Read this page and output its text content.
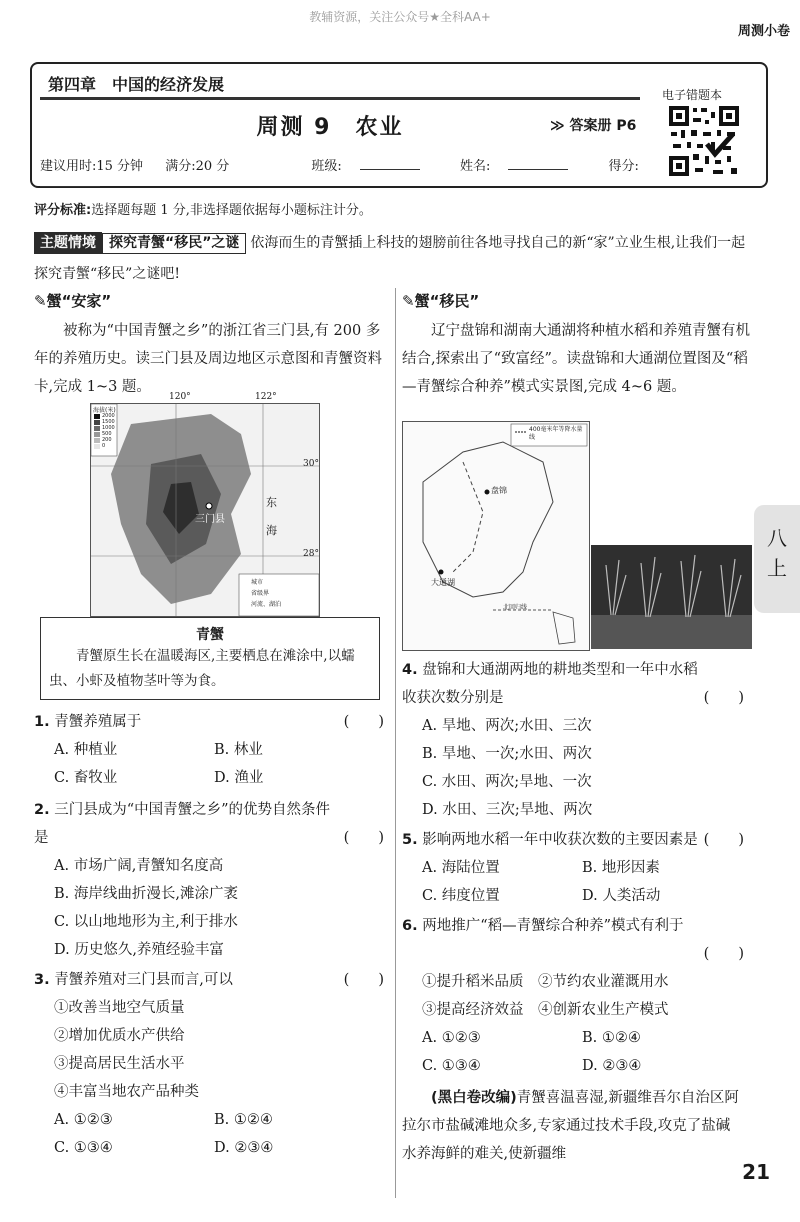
教辅资源，关注公众号★全科AA+
周测小卷
第四章　中国的经济发展
周测 9　农业	≫ 答案册 P6
建议用时:15 分钟 满分:20 分	班级:	姓名:	得分:
电子错题本
八
上
评分标准:选择题每题 1 分,非选择题依据每小题标注计分。
主题情境 探究青蟹“移民”之谜 依海而生的青蟹插上科技的翅膀前往各地寻找自己的新“家”立业生根,让我们一起探究青蟹“移民”之谜吧!
✎蟹“安家”
被称为“中国青蟹之乡”的浙江省三门县,有 200 多年的养殖历史。读三门县及周边地区示意图和青蟹资料卡,完成 1~3 题。
海拔(米)
2000
1500
1000
500
200
0
120°	122°
30°
28°
三门县
东
海
城市
省级界
河流、湖泊
青蟹
青蟹原生长在温暖海区,主要栖息在滩涂中,以蠕虫、小虾及植物茎叶等为食。
1. 青蟹养殖属于	(　　)
A. 种植业	B. 林业
C. 畜牧业	D. 渔业
2. 三门县成为“中国青蟹之乡”的优势自然条件是	(　　)
A. 市场广阔,青蟹知名度高
B. 海岸线曲折漫长,滩涂广袤
C. 以山地地形为主,利于排水
D. 历史悠久,养殖经验丰富
3. 青蟹养殖对三门县而言,可以	(　　)
①改善当地空气质量
②增加优质水产供给
③提高居民生活水平
④丰富当地农产品种类
A. ①②③	B. ①②④
C. ①③④	D. ②③④
✎蟹“移民”
辽宁盘锦和湖南大通湖将种植水稻和养殖青蟹有机结合,探索出了“致富经”。读盘锦和大通湖位置图及“稻—青蟹综合种养”模式实景图,完成 4~6 题。
400毫米年等降水量线
盘锦
大通湖
北回归线
4. 盘锦和大通湖两地的耕地类型和一年中水稻收获次数分别是	(　　)
A. 旱地、两次;水田、三次
B. 旱地、一次;水田、两次
C. 水田、两次;旱地、一次
D. 水田、三次;旱地、两次
5. 影响两地水稻一年中收获次数的主要因素是 (　　)
A. 海陆位置	B. 地形因素
C. 纬度位置	D. 人类活动
6. 两地推广“稻—青蟹综合种养”模式有利于
(　　)
①提升稻米品质　②节约农业灌溉用水
③提高经济效益　④创新农业生产模式
A. ①②③	B. ①②④
C. ①③④	D. ②③④
(黑白卷改编)青蟹喜温喜湿,新疆维吾尔自治区阿拉尔市盐碱滩地众多,专家通过技术手段,攻克了盐碱水养海鲜的难关,使新疆维
21
